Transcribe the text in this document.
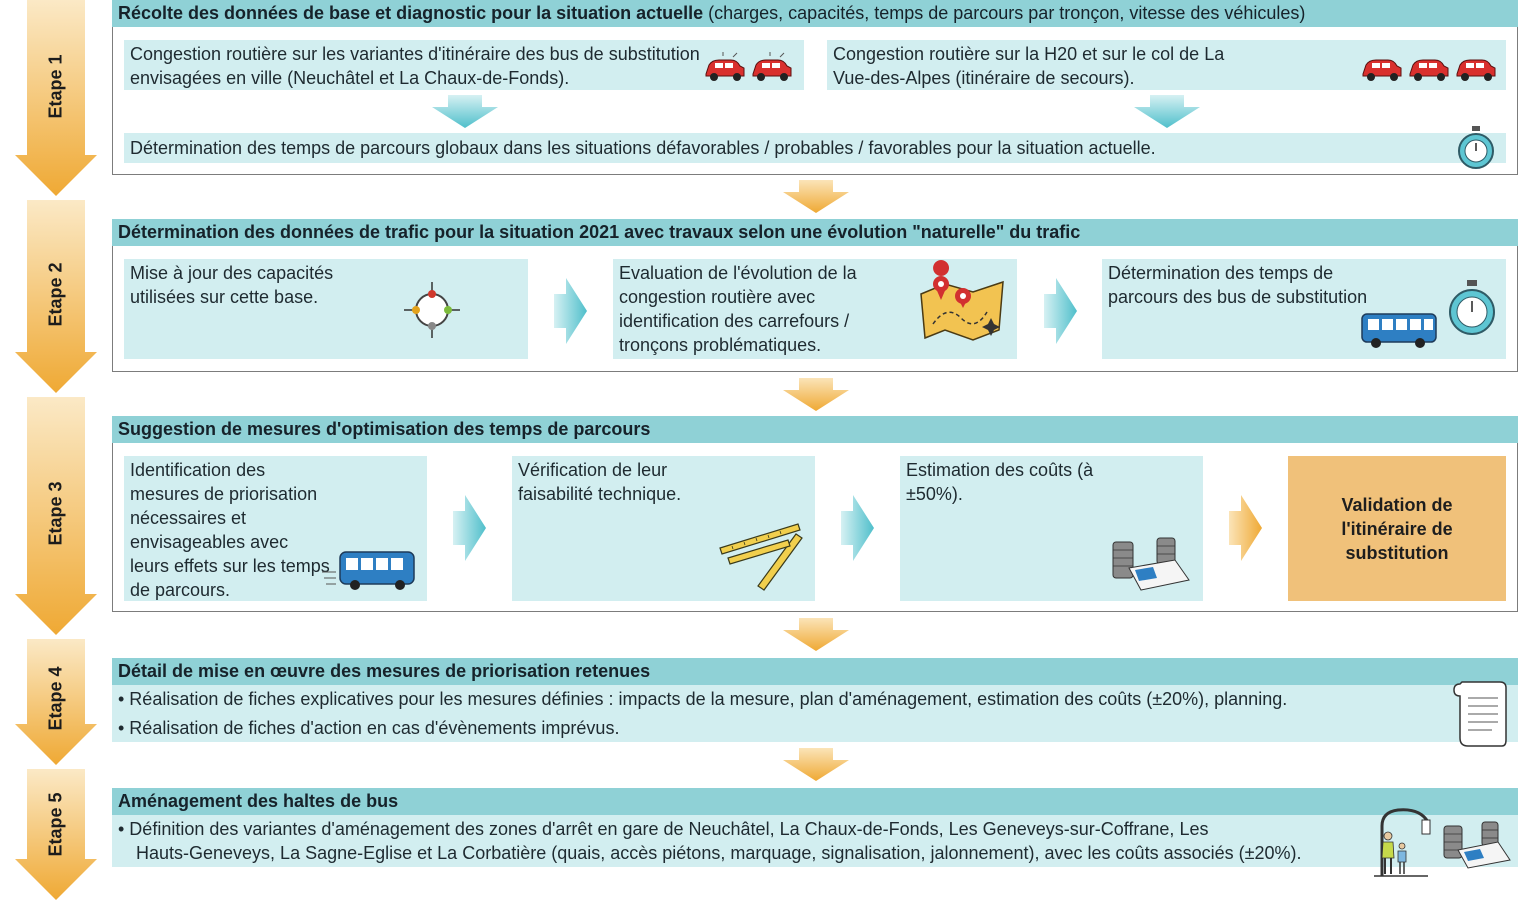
Etape 1
Etape 2
Etape 3
Etape 4
Etape 5
Récolte des données de base et diagnostic pour la situation actuelle (charges, capacités, temps de parcours par tronçon, vitesse des véhicules)
Congestion routière sur les variantes d'itinéraire des bus de substitution envisagées en ville (Neuchâtel et La Chaux-de-Fonds).
Congestion routière sur la H20 et sur le col de La Vue-des-Alpes (itinéraire de secours).
Détermination des temps de parcours globaux dans les situations défavorables / probables / favorables pour la situation actuelle.
Détermination des données de trafic pour la situation 2021 avec travaux selon une évolution "naturelle" du trafic
Mise à jour des capacités utilisées sur cette base.
Evaluation de l'évolution de la congestion routière avec identification des carrefours / tronçons problématiques.
Détermination des temps de parcours des bus de substitution
Suggestion de mesures d'optimisation des temps de parcours
Identification des mesures de priorisation nécessaires et envisageables avec leurs effets sur les temps de parcours.
Vérification de leur faisabilité technique.
Estimation des coûts (à ±50%).
Validation de l'itinéraire de substitution
Détail de mise en œuvre des mesures de priorisation retenues
• Réalisation de fiches explicatives pour les mesures définies : impacts de la mesure, plan d'aménagement, estimation des coûts (±20%), planning.
• Réalisation de fiches d'action en cas d'évènements imprévus.
Aménagement des haltes de bus
• Définition des variantes d'aménagement des zones d'arrêt en gare de Neuchâtel, La Chaux-de-Fonds, Les Geneveys-sur-Coffrane, Les
Hauts-Geneveys, La Sagne-Eglise et La Corbatière (quais, accès piétons, marquage, signalisation, jalonnement), avec les coûts associés (±20%).
